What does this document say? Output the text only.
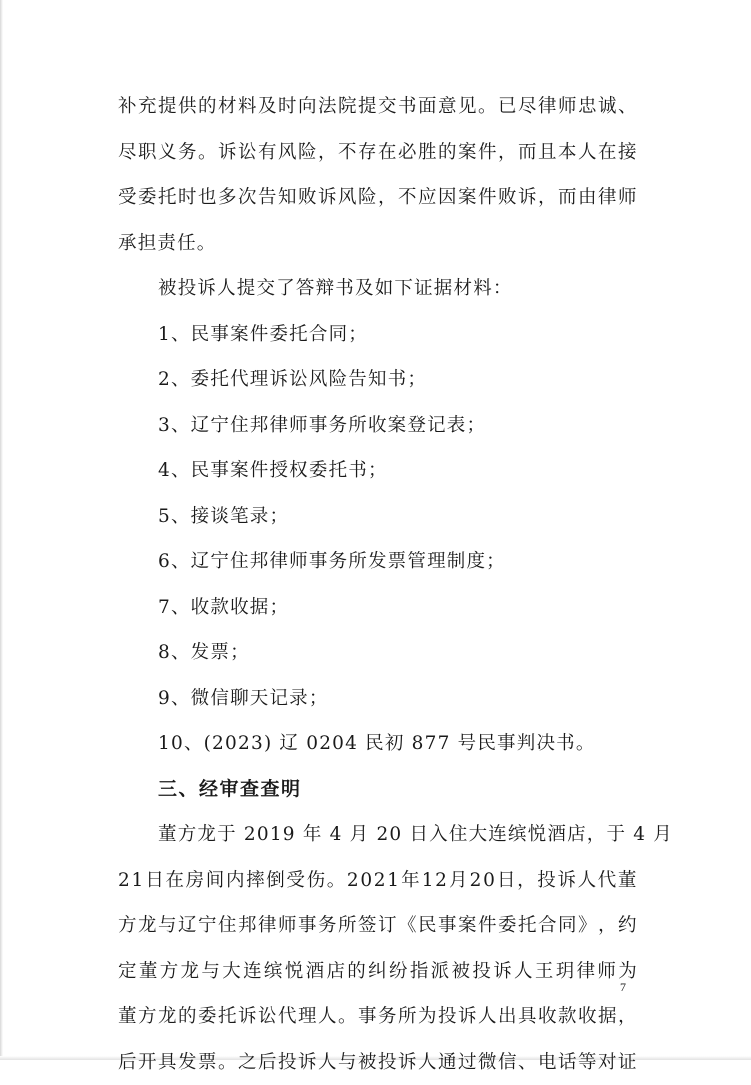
补 充 提 供 的 材 料 及 时 向 法 院 提 交 书 面 意 见 。 已 尽 律 师 忠 诚 、
尽 职 义 务 。 诉 讼 有 风 险 ， 不 存 在 必 胜 的 案 件 ， 而 且 本 人 在 接
受 委 托 时 也 多 次 告 知 败 诉 风 险 ， 不 应 因 案 件 败 诉 ， 而 由 律 师
承担责任。
被投诉人提交了答辩书及如下证据材料：
1、民事案件委托合同；
2、委托代理诉讼风险告知书；
3、辽宁住邦律师事务所收案登记表；
4、民事案件授权委托书；
5、接谈笔录；
6、辽宁住邦律师事务所发票管理制度；
7、收款收据；
8、发票；
9、微信聊天记录；
10、(2023) 辽 0204 民初 877 号民事判决书。
三、经审查查明
董方龙于 2019 年 4 月 20 日入住大连缤悦酒店，于 4 月
2 1 日 在 房 间 内 摔 倒 受 伤 。 2 0 2 1 年 1 2 月 2 0 日 ， 投 诉 人 代 董
方 龙 与 辽 宁 住 邦 律 师 事 务 所 签 订 《 民 事 案 件 委 托 合 同 》 ， 约
定 董 方 龙 与 大 连 缤 悦 酒 店 的 纠 纷 指 派 被 投 诉 人 王 玥 律 师 为
董 方 龙 的 委 托 诉 讼 代 理 人 。 事 务 所 为 投 诉 人 出 具 收 款 收 据 ，
后 开 具 发 票 。 之 后 投 诉 人 与 被 投 诉 人 通 过 微 信 、 电 话 等 对 证
7
